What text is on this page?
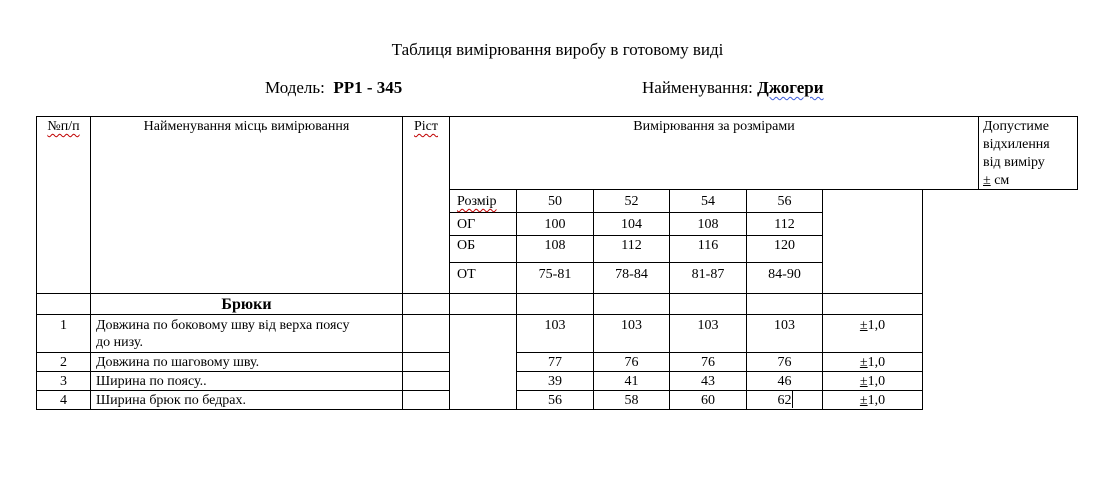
Таблиця вимірювання виробу в готовому виді
Модель: РР1 - 345	Найменування: Джогери
№п/п	Найменування місць вимірювання	Ріст	Вимірювання за розмірами	Допустиме
відхилення
від виміру
± см
Розмір	50	52	54	56
ОГ	100	104	108	112
ОБ	108	112	116	120
ОТ	75-81	78-84	81-87	84-90
Брюки
1	Довжина по боковому шву від верха поясу
до низу.
103	103	103	103	±1,0
2	Довжина по шаговому шву.	77	76	76	76	±1,0
3	Ширина по поясу..	39	41	43	46	±1,0
4	Ширина брюк по бедрах.	56	58	60	62	±1,0
